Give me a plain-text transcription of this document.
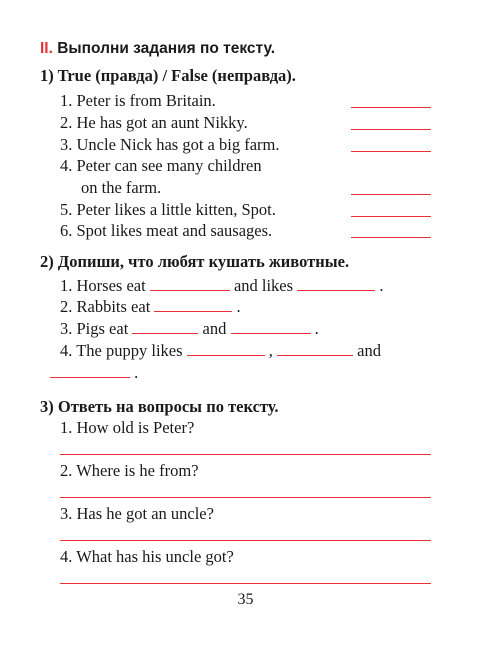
II. Выполни задания по тексту.
1) True (правда) / False (неправда).
1. Peter is from Britain.
2. He has got an aunt Nikky.
3. Uncle Nick has got a big farm.
4. Peter can see many children
on the farm.
5. Peter likes a little kitten, Spot.
6. Spot likes meat and sausages.
2) Допиши, что любят кушать животные.
1. Horses eat	and likes	.
2. Rabbits eat	.
3. Pigs eat	and	.
4. The puppy likes	,	and
.
3) Ответь на вопросы по тексту.
1. How old is Peter?
2. Where is he from?
3. Has he got an uncle?
4. What has his uncle got?
35
